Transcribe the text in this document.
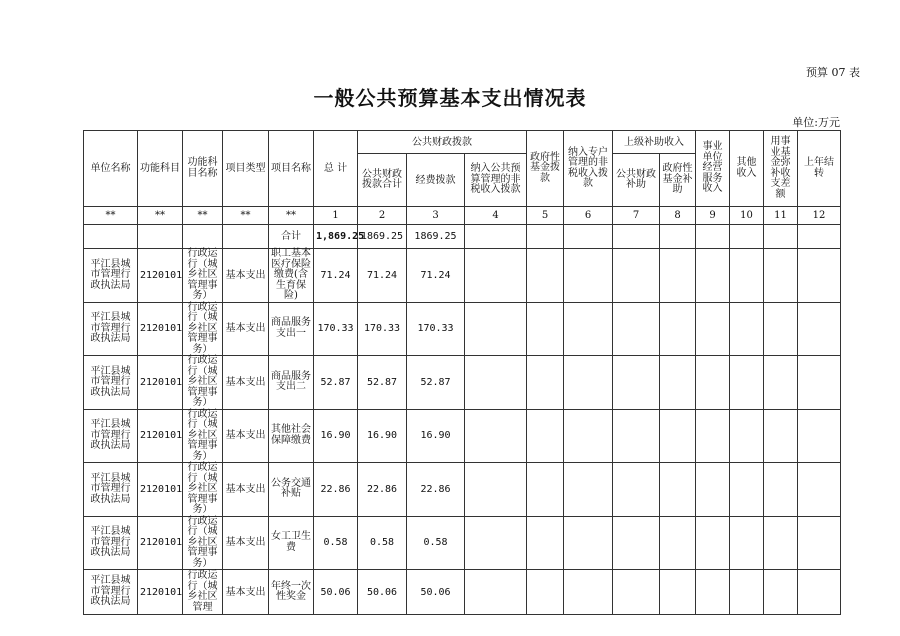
预算 07 表
一般公共预算基本支出情况表
单位:万元
单位名称	功能科目	功能科目名称	项目类型	项目名称	总 计	公共财政拨款			政府性基金拨款	纳入专户管理的非税收入拨款	上级补助收入		事业单位经营服务收入	其他收入	用事业基金弥补收支差额	上年结转
						公共财政拨款合计	经费拨款	纳入公共预算管理的非税收入拨款			公共财政补助	政府性基金补助				
**	**	**	**	**	1	2	3	4	5	6	7	8	9	10	11	12
				合计	1,869.25	1869.25	1869.25									
平江县城市管理行政执法局	2120101	行政运行（城乡社区管理事务）	基本支出	职工基本医疗保险缴费(含生育保险)	71.24	71.24	71.24									
平江县城市管理行政执法局	2120101	行政运行（城乡社区管理事务）	基本支出	商品服务支出一	170.33	170.33	170.33									
平江县城市管理行政执法局	2120101	行政运行（城乡社区管理事务）	基本支出	商品服务支出二	52.87	52.87	52.87									
平江县城市管理行政执法局	2120101	行政运行（城乡社区管理事务）	基本支出	其他社会保障缴费	16.90	16.90	16.90									
平江县城市管理行政执法局	2120101	行政运行（城乡社区管理事务）	基本支出	公务交通补贴	22.86	22.86	22.86									
平江县城市管理行政执法局	2120101	行政运行（城乡社区管理事务）	基本支出	女工卫生费	0.58	0.58	0.58									
平江县城市管理行政执法局	2120101	行政运行（城乡社区管理	基本支出	年终一次性奖金	50.06	50.06	50.06									
